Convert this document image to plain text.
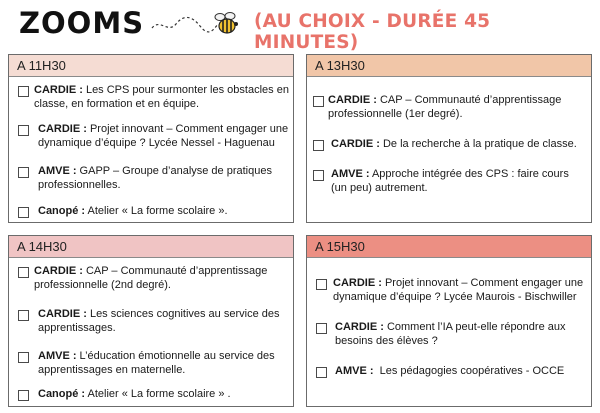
ZOOMS	(AU CHOIX - DURÉE 45 MINUTES)
A 11H30
CARDIE : Les CPS pour surmonter les obstacles en classe, en formation et en équipe.
CARDIE : Projet innovant – Comment engager une dynamique d’équipe ? Lycée Nessel - Haguenau
AMVE : GAPP – Groupe d’analyse de pratiques professionnelles.
Canopé : Atelier « La forme scolaire ».
A 13H30
CARDIE : CAP – Communauté d’apprentissage professionnelle (1er degré).
CARDIE : De la recherche à la pratique de classe.
AMVE : Approche intégrée des CPS : faire cours (un peu) autrement.
A 14H30
CARDIE : CAP – Communauté d’apprentissage professionnelle (2nd degré).
CARDIE : Les sciences cognitives au service des apprentissages.
AMVE : L’éducation émotionnelle au service des apprentissages en maternelle.
Canopé : Atelier « La forme scolaire » .
A 15H30
CARDIE : Projet innovant – Comment engager une dynamique d’équipe ? Lycée Maurois - Bischwiller
CARDIE : Comment l’IA peut-elle répondre aux besoins des élèves ?
AMVE :  Les pédagogies coopératives - OCCE
